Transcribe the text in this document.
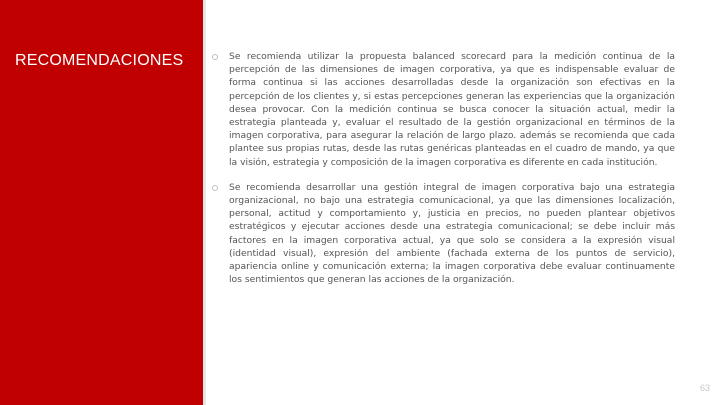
RECOMENDACIONES	Se recomienda utilizar la propuesta balanced scorecard para la medición continua de la percepción de las dimensiones de imagen corporativa, ya que es indispensable evaluar de forma continua si las acciones desarrolladas desde la organización son efectivas en la percepción de los clientes y, si estas percepciones generan las experiencias que la organización desea provocar. Con la medición continua se busca conocer la situación actual, medir la estrategia planteada y, evaluar el resultado de la gestión organizacional en términos de la imagen corporativa, para asegurar la relación de largo plazo. además se recomienda que cada plantee sus propias rutas, desde las rutas genéricas planteadas en el cuadro de mando, ya que la visión, estrategia y composición de la imagen corporativa es diferente en cada institución.
Se recomienda desarrollar una gestión integral de imagen corporativa bajo una estrategia organizacional, no bajo una estrategia comunicacional, ya que las dimensiones localización, personal, actitud y comportamiento y, justicia en precios, no pueden plantear objetivos estratégicos y ejecutar acciones desde una estrategia comunicacional; se debe incluir más factores en la imagen corporativa actual, ya que solo se considera a la expresión visual (identidad visual), expresión del ambiente (fachada externa de los puntos de servicio), apariencia online y comunicación externa; la imagen corporativa debe evaluar continuamente los sentimientos que generan las acciones de la organización.
63
